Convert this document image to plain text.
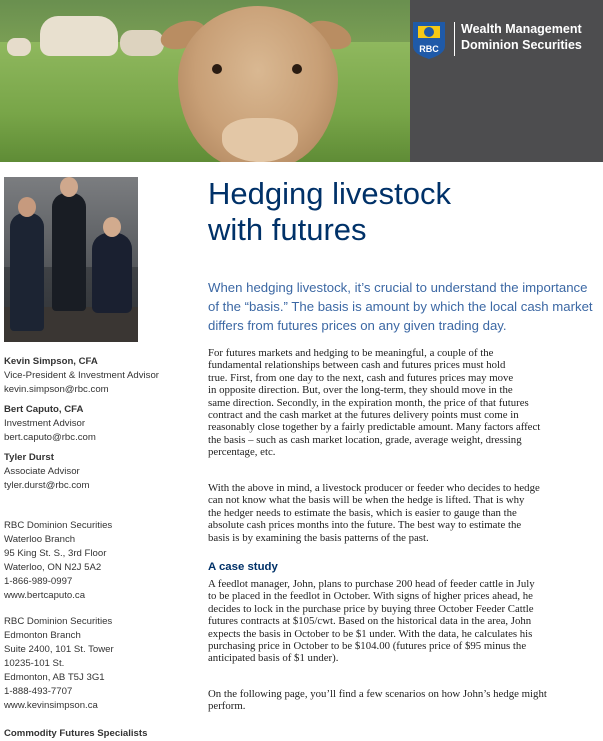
RBC
Wealth Management
Dominion Securities
Kevin Simpson, CFA
Vice-President & Investment Advisor
kevin.simpson@rbc.com
Bert Caputo, CFA
Investment Advisor
bert.caputo@rbc.com
Tyler Durst
Associate Advisor
tyler.durst@rbc.com
RBC Dominion Securities
Waterloo Branch
95 King St. S., 3rd Floor
Waterloo, ON N2J 5A2
1-866-989-0997
www.bertcaputo.ca
RBC Dominion Securities
Edmonton Branch
Suite 2400, 101 St. Tower
10235-101 St.
Edmonton, AB T5J 3G1
1-888-493-7707
www.kevinsimpson.ca
Commodity Futures Specialists
Hedging livestock
with futures
When hedging livestock, it’s crucial to understand the importance
of the “basis.” The basis is amount by which the local cash market
differs from futures prices on any given trading day.
For futures markets and hedging to be meaningful, a couple of the
fundamental relationships between cash and futures prices must hold
true. First, from one day to the next, cash and futures prices may move
in opposite direction. But, over the long-term, they should move in the
same direction. Secondly, in the expiration month, the price of that futures
contract and the cash market at the futures delivery points must come in
reasonably close together by a fairly predictable amount. Many factors affect
the basis – such as cash market location, grade, average weight, dressing
percentage, etc.
With the above in mind, a livestock producer or feeder who decides to hedge
can not know what the basis will be when the hedge is lifted. That is why
the hedger needs to estimate the basis, which is easier to gauge than the
absolute cash prices months into the future. The best way to estimate the
basis is by examining the basis patterns of the past.
A case study
A feedlot manager, John, plans to purchase 200 head of feeder cattle in July
to be placed in the feedlot in October. With signs of higher prices ahead, he
decides to lock in the purchase price by buying three October Feeder Cattle
futures contracts at $105/cwt. Based on the historical data in the area, John
expects the basis in October to be $1 under. With the data, he calculates his
purchasing price in October to be $104.00 (futures price of $95 minus the
anticipated basis of $1 under).
On the following page, you’ll find a few scenarios on how John’s hedge might
perform.
